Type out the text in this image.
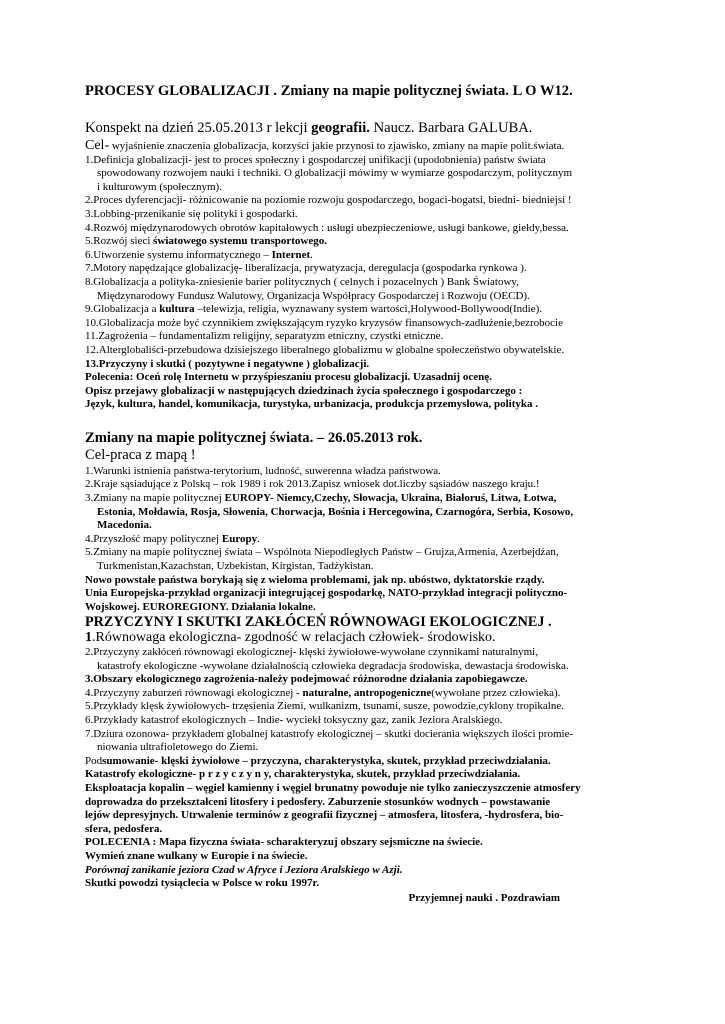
PROCESY GLOBALIZACJI . Zmiany na mapie politycznej świata. L O W12.

Konspekt na dzień 25.05.2013 r lekcji geografii. Naucz. Barbara GALUBA.

Cel- wyjaśnienie znaczenia globalizacja, korzyści jakie przynosi to zjawisko, zmiany na mapie polit.świata.

1.Definicja globalizacji- jest to proces społeczny i gospodarczej unifikacji (upodobnienia) państw świata

spowodowany rozwojem nauki i techniki. O globalizacji mówimy w wymiarze gospodarczym, politycznym

i kulturowym (społecznym).

2.Proces dyferencjacji- różnicowanie na poziomie rozwoju gospodarczego, bogaci-bogatsi, biedni- biedniejsi !

3.Lobbing-przenikanie się polityki i gospodarki.

4.Rozwój międzynarodowych obrotów kapitałowych : usługi ubezpieczeniowe, usługi bankowe, giełdy,bessa.

5.Rozwój sieci światowego systemu transportowego.

6.Utworzenie systemu informatycznego – Internet.

7.Motory napędzające globalizację- liberalizacja, prywatyzacja, deregulacja (gospodarka rynkowa ).

8.Globalizacja a polityka-zniesienie barier politycznych ( celnych i pozacelnych ) Bank Światowy,

Międzynarodowy Fundusz Walutowy, Organizacja Współpracy Gospodarczej i Rozwoju (OECD).

9.Globalizacja a kultura –telewizja, religia, wyznawany system wartości,Holywood-Bollywood(Indie).

10.Globalizacja może być czynnikiem zwiększającym ryzyko kryzysów finansowych-zadłużenie,bezrobocie

11.Zagrożenia – fundamentalizm religijny, separatyzm etniczny, czystki etniczne.

12.Alterglobaliści-przebudowa dzisiejszego liberalnego globalizmu w globalne społeczeństwo obywatelskie.

13.Przyczyny i skutki ( pozytywne i negatywne ) globalizacji.

Polecenia: Oceń rolę Internetu w przyśpieszaniu procesu globalizacji. Uzasadnij ocenę.

Opisz przejawy globalizacji w następujących dziedzinach życia społecznego i gospodarczego :

Język, kultura, handel, komunikacja, turystyka, urbanizacja, produkcja przemysłowa, polityka .

Zmiany na mapie politycznej świata. – 26.05.2013 rok.

Cel-praca z mapą !

1.Warunki istnienia państwa-terytorium, ludność, suwerenna władza państwowa.

2.Kraje sąsiadujące z Polską – rok 1989 i rok 2013.Zapisz wniosek dot.liczby sąsiadów naszego kraju.!

3.Zmiany na mapie politycznej EUROPY- Niemcy,Czechy, Słowacja, Ukraina, Białoruś, Litwa, Łotwa,

Estonia, Mołdawia, Rosja, Słowenia, Chorwacja, Bośnia i Hercegowina, Czarnogóra, Serbia, Kosowo,

Macedonia.

4.Przyszłość mapy politycznej Europy.

5.Zmiany na mapie politycznej świata – Wspólnota Niepodległych Państw – Grujza,Armenia, Azerbejdżan,

Turkmenistan,Kazachstan, Uzbekistan, Kirgistan, Tadżykistan.

Nowo powstałe państwa borykają się z wieloma problemami, jak np. ubóstwo, dyktatorskie rządy.

Unia Europejska-przykład organizacji integrującej gospodarkę, NATO-przykład integracji polityczno-

Wojskowej. EUROREGIONY. Działania lokalne.

PRZYCZYNY I SKUTKI ZAKŁÓCEŃ RÓWNOWAGI EKOLOGICZNEJ .

1.Równowaga ekologiczna- zgodność w relacjach człowiek- środowisko.

2.Przyczyny zakłóceń równowagi ekologicznej- klęski żywiołowe-wywołane czynnikami naturalnymi,

katastrofy ekologiczne -wywołane działalnością człowieka degradacja środowiska, dewastacja środowiska.

3.Obszary ekologicznego zagrożenia-należy podejmować różnorodne działania zapobiegawcze.

4.Przyczyny zaburzeń równowagi ekologicznej - naturalne, antropogeniczne(wywołane przez człowieka).

5.Przykłady klęsk żywiołowych- trzęsienia Ziemi, wulkanizm, tsunami, susze, powodzie,cyklony tropikalne.

6.Przykłady katastrof ekologicznych – Indie- wyciekł toksyczny gaz, zanik Jeziora Aralskiego.

7.Dziura ozonowa- przykładem globalnej katastrofy ekologicznej – skutki docierania większych ilości promie-

niowania ultrafioletowego do Ziemi.

Podsumowanie- klęski żywiołowe – przyczyna, charakterystyka, skutek, przykład przeciwdziałania.

Katastrofy ekologiczne- p r z y c z y n y, charakterystyka, skutek, przykład przeciwdziałania.

Eksploatacja kopalin – węgiel kamienny i węgiel brunatny powoduje nie tylko zanieczyszczenie atmosfery

doprowadza do przekształceni litosfery i pedosfery. Zaburzenie stosunków wodnych – powstawanie

lejów depresyjnych. Utrwalenie terminów z geografii fizycznej – atmosfera, litosfera, -hydrosfera, bio-

sfera, pedosfera.

POLECENIA : Mapa fizyczna świata- scharakteryzuj obszary sejsmiczne na świecie.

Wymień znane wulkany w Europie i na świecie.

Porównaj zanikanie jeziora Czad w Afryce i Jeziora Aralskiego w Azji.

Skutki powodzi tysiąclecia w Polsce w roku 1997r.

Przyjemnej nauki . Pozdrawiam
